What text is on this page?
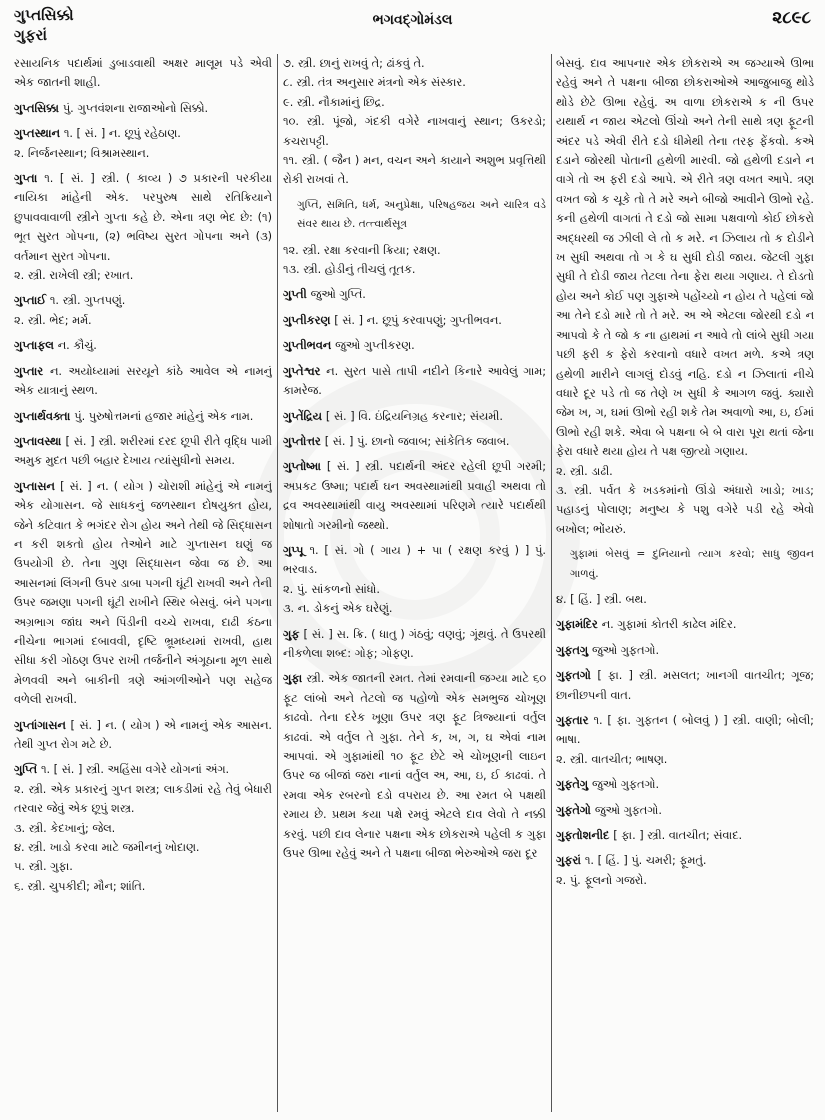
ગુપ્તસિક્કો
ગુફરાં
ભગવદ્ગોમંડલ	૨૮૯૮
રસાયનિક પદાર્થમાં ડુબાડવાથી અક્ષર માલૂમ પડે એવી એક જાતની શાહી.
ગુપ્તસિક્કા પું. ગુપ્તવંશના રાજાઓનો સિક્કો.
ગુપ્તસ્થાન ૧. [ સં. ] ન. છૂપું રહેઠાણ.
૨. નિર્જનસ્થાન; વિશ્રામસ્થાન.
ગુપ્તા ૧. [ સં. ] સ્ત્રી. ( કાવ્ય ) ૭ પ્રકારની પરકીયા નાયિકા માંહેની એક. પરપુરુષ સાથે રતિક્રિયાને છુપાવવાવાળી સ્ત્રીને ગુપ્તા કહે છે. એના ત્રણ ભેદ છે: (૧) ભૂત સુરત ગોપના, (૨) ભવિષ્ય સુરત ગોપના અને (૩) વર્તમાન સુરત ગોપના.
૨. સ્ત્રી. રાખેલી સ્ત્રી; રખાત.
ગુપ્તાઈ ૧. સ્ત્રી. ગુપ્તપણું.
૨. સ્ત્રી. ભેદ; મર્મ.
ગુપ્તાફલ ન. કૌચું.
ગુપ્તાર ન. અયોધ્યામાં સરયૂને કાંઠે આવેલ એ નામનું એક યાત્રાનું સ્થળ.
ગુપ્તાર્થવક્તા પું. પુરુષોત્તમનાં હજાર માંહેનું એક નામ.
ગુપ્તાવસ્થા [ સં. ] સ્ત્રી. શરીરમાં દરદ છૂપી રીતે વૃદ્ધિ પામી અમુક મુદત પછી બહાર દેખાય ત્યાંસુધીનો સમય.
ગુપ્તાસન [ સં. ] ન. ( યોગ ) ચોરાશી માંહેનું એ નામનું એક યોગાસન. જે સાધકનું જળસ્થાન દોષયુક્ત હોય, જેને કટિવાત કે ભગંદર રોગ હોય અને તેથી જે સિદ્ધાસન ન કરી શકતો હોય તેઓને માટે ગુપ્તાસન ઘણું જ ઉપયોગી છે. તેના ગુણ સિદ્ધાસન જેવા જ છે. આ આસનમાં લિંગની ઉપર ડાબા પગની ઘૂંટી રાખવી અને તેની ઉપર જમણા પગની ઘૂંટી રાખીને સ્થિર બેસવું. બંને પગના અગ્રભાગ જાંઘ અને પિંડીની વચ્ચે રાખવા, દાઢી કંઠના નીચેના ભાગમાં દબાવવી, દૃષ્ટિ ભ્રૂમધ્યમાં રાખવી, હાથ સીધા કરી ગોઠણ ઉપર રાખી તર્જનીને અંગૂઠાના મૂળ સાથે મેળવવી અને બાકીની ત્રણે આંગળીઓને પણ સહેજ વળેલી રાખવી.
ગુપ્તાંગાસન [ સં. ] ન. ( યોગ ) એ નામનું એક આસન. તેથી ગુપ્ત રોગ મટે છે.
ગુપ્તિ ૧. [ સં. ] સ્ત્રી. અહિંસા વગેરે યોગનાં અંગ.
૨. સ્ત્રી. એક પ્રકારનું ગુપ્ત શસ્ત્ર; લાકડીમાં રહે તેવું બેધારી તરવાર જેવું એક છૂપું શસ્ત્ર.
૩. સ્ત્રી. કેદખાનું; જેલ.
૪. સ્ત્રી. ખાડો કરવા માટે જમીનનું ખોદાણ.
૫. સ્ત્રી. ગુફા.
૬. સ્ત્રી. ચુપકીદી; મૌન; શાંતિ.
૭. સ્ત્રી. છાનું રાખવું તે; ઢાંકવું તે.
૮. સ્ત્રી. તંત્ર અનુસાર મંત્રનો એક સંસ્કાર.
૯. સ્ત્રી. નૌકામાંનું છિદ્ર.
૧૦. સ્ત્રી. પૂંજો, ગંદકી વગેરે નાખવાનું સ્થાન; ઉકરડો; કચરાપટ્ટી.
૧૧. સ્ત્રી. ( જૈન ) મન, વચન અને કાયાને અશુભ પ્રવૃત્તિથી રોકી રાખવાં તે.
ગુપ્તિ, સમિતિ, ધર્મ, અનુપ્રેક્ષા, પરિષહજય અને ચારિત્ર વડે સંવર થાય છે. તત્ત્વાર્થસૂત્ર
૧૨. સ્ત્રી. રક્ષા કરવાની ક્રિયા; રક્ષણ.
૧૩. સ્ત્રી. હોડીનું તીચલું તૂતક.
ગુપ્તી જુઓ ગુપ્તિ.
ગુપ્તીકરણ [ સં. ] ન. છૂપું કરવાપણું; ગુપ્તીભવન.
ગુપ્તીભવન જુઓ ગુપ્તીકરણ.
ગુપ્તેશ્વર ન. સુરત પાસે તાપી નદીને કિનારે આવેલું ગામ; કામરેજ.
ગુપ્તેંદ્રિય [ સં. ] વિ. ઇંદ્રિયનિગ્રહ કરનાર; સંયમી.
ગુપ્તોત્તર [ સં. ] પું. છાનો જવાબ; સાંકેતિક જવાબ.
ગુપ્તોષ્મા [ સં. ] સ્ત્રી. પદાર્થની અંદર રહેલી છૂપી ગરમી; અપ્રકટ ઉષ્મા; પદાર્થ ઘન અવસ્થામાંથી પ્રવાહી અથવા તો દ્રવ અવસ્થામાંથી વાયુ અવસ્થામાં પરિણમે ત્યારે પદાર્થથી શોષાતો ગરમીનો જથ્થો.
ગુપ્પૂ ૧. [ સં. ગો ( ગાય ) + પા ( રક્ષણ કરવું ) ] પું. ભરવાડ.
૨. પું. સાંકળનો સાંધો.
૩. ન. ડોકનું એક ઘરેણું.
ગુફ [ સં. ] સ. ક્રિ. ( ધાતુ ) ગંઠવું; વણવું; ગૂંથવું. તે ઉપરથી નીકળેલા શબ્દ: ગોફ; ગોફણ.
ગુફા સ્ત્રી. એક જાતની રમત. તેમાં રમવાની જગ્યા માટે ૬૦ ફૂટ લાંબો અને તેટલો જ પહોળો એક સમભુજ ચોખૂણ કાઢવો. તેના દરેક ખૂણા ઉપર ત્રણ ફૂટ ત્રિજ્યાનાં વર્તુલ કાઢવાં. એ વર્તુલ તે ગુફા. તેને ક, ખ, ગ, ઘ એવાં નામ આપવાં. એ ગુફામાંથી ૧૦ ફૂટ છેટે એ ચોખૂણની લાઇન ઉપર જ બીજાં જરા નાનાં વર્તુલ અ, આ, ઇ, ઈ કાઢવાં. તે રમવા એક રબરનો દડો વપરાય છે. આ રમત બે પક્ષથી રમાય છે. પ્રથમ કયા પક્ષે રમવું એટલે દાવ લેવો તે નક્કી કરવું. પછી દાવ લેનાર પક્ષના એક છોકરાએ પહેલી ક ગુફા ઉપર ઊભા રહેવું અને તે પક્ષના બીજા ભેરુઓએ જરા દૂર
બેસવું. દાવ આપનાર એક છોકરાએ અ જગ્યાએ ઊભા રહેવું અને તે પક્ષના બીજા છોકરાઓએ આજુબાજુ થોડે થોડે છેટે ઊભા રહેવું. અ વાળા છોકરાએ ક ની ઉપર યથાર્થ ન જાય એટલો ઊંચો અને તેની સાથે ત્રણ ફૂટની અંદર પડે એવી રીતે દડો ધીમેથી તેના તરફ ફેંકવો. કએ દડાને જોરથી પોતાની હથેળી મારવી. જો હથેળી દડાને ન વાગે તો અ ફરી દડો આપે. એ રીતે ત્રણ વખત આપે. ત્રણ વખત જો ક ચૂકે તો તે મરે અને બીજો આવીને ઊભો રહે. કની હથેળી વાગતાં તે દડો જો સામા પક્ષવાળો કોઈ છોકરો અદ્ધરથી જ ઝીલી લે તો ક મરે. ન ઝિલાય તો ક દોડીને ખ સુધી અથવા તો ગ કે ઘ સુધી દોડી જાય. જેટલી ગુફા સુધી તે દોડી જાય તેટલા તેના ફેરા થયા ગણાય. તે દોડતો હોય અને કોઈ પણ ગુફાએ પહોંચ્યો ન હોય તે પહેલાં જો આ તેને દડો મારે તો તે મરે. અ એ એટલા જોરથી દડો ન આપવો કે તે જો ક ના હાથમાં ન આવે તો લાંબે સુધી ગયા પછી ફરી ક ફેરો કરવાનો વધારે વખત મળે. કએ ત્રણ હથેળી મારીને લાગલું દોડવું નહિ. દડો ન ઝિલાતાં નીચે વધારે દૂર પડે તો જ તેણે ખ સુધી કે આગળ જવું. ક્યારો જેમ ખ, ગ, ઘમાં ઊભો રહી શકે તેમ અવાળો આ, ઇ, ઈમાં ઊભો રહી શકે. એવા બે પક્ષના બે બે વારા પૂરા થતાં જેના ફેરા વધારે થયા હોય તે પક્ષ જીત્યો ગણાય.
૨. સ્ત્રી. ડાઢી.
૩. સ્ત્રી. પર્વત કે ખડકમાંનો ઊંડો અંધારો ખાડો; ખાડ; પહાડનું પોલાણ; મનુષ્ય કે પશુ વગેરે પડી રહે એવો બખોલ; ભોંયરું.
ગુફામાં બેસવું = દુનિયાનો ત્યાગ કરવો; સાધુ જીવન ગાળવું.
૪. [ હિં. ] સ્ત્રી. બથ.
ગુફામંદિર ન. ગુફામાં કોતરી કાઢેલ મંદિર.
ગુફતગુ જુઓ ગુફતગો.
ગુફતગો [ ફા. ] સ્ત્રી. મસલત; ખાનગી વાતચીત; ગૂજ; છાનીછપની વાત.
ગુફતાર ૧. [ ફા. ગુફતન ( બોલવું ) ] સ્ત્રી. વાણી; બોલી; ભાષા.
૨. સ્ત્રી. વાતચીત; ભાષણ.
ગુફતેગુ જુઓ ગુફતગો.
ગુફતેગો જુઓ ગુફતગો.
ગુફતોશનીદ [ ફા. ] સ્ત્રી. વાતચીત; સંવાદ.
ગુફરાં ૧. [ હિં. ] પું. ચમરી; ફૂમતું.
૨. પું. ફૂલનો ગજરો.
